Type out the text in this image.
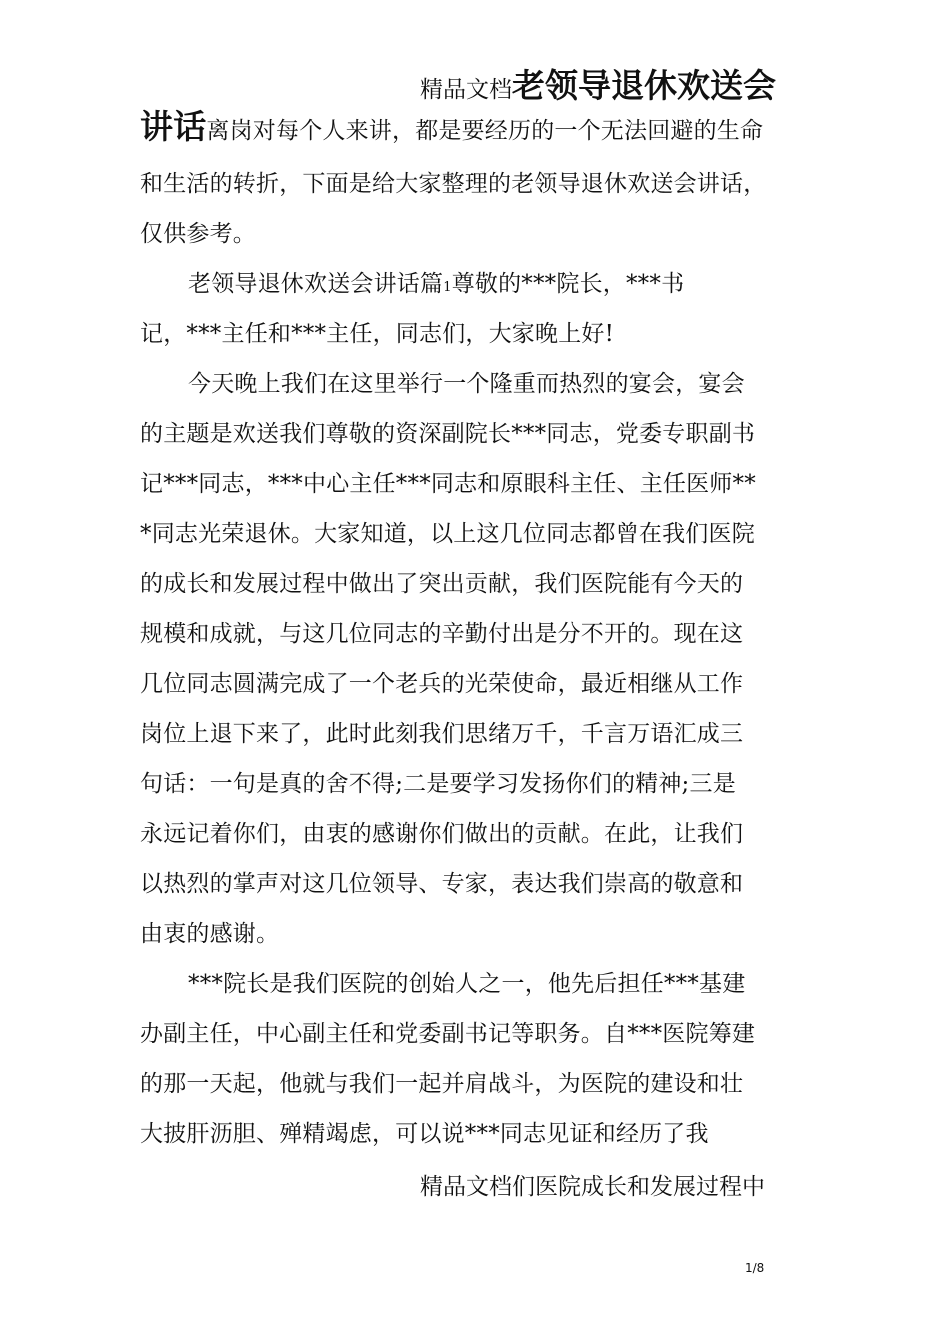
精品文档老领导退休欢送会
讲话离岗对每个人来讲，都是要经历的一个无法回避的生命
和生活的转折，下面是给大家整理的老领导退休欢送会讲话，
仅供参考。
老领导退休欢送会讲话篇1尊敬的***院长，***书
记，***主任和***主任，同志们，大家晚上好!
今天晚上我们在这里举行一个隆重而热烈的宴会，宴会
的主题是欢送我们尊敬的资深副院长***同志，党委专职副书
记***同志，***中心主任***同志和原眼科主任、主任医师**
*同志光荣退休。大家知道，以上这几位同志都曾在我们医院
的成长和发展过程中做出了突出贡献，我们医院能有今天的
规模和成就，与这几位同志的辛勤付出是分不开的。现在这
几位同志圆满完成了一个老兵的光荣使命，最近相继从工作
岗位上退下来了，此时此刻我们思绪万千，千言万语汇成三
句话：一句是真的舍不得;二是要学习发扬你们的精神;三是
永远记着你们，由衷的感谢你们做出的贡献。在此，让我们
以热烈的掌声对这几位领导、专家，表达我们崇高的敬意和
由衷的感谢。
***院长是我们医院的创始人之一，他先后担任***基建
办副主任，中心副主任和党委副书记等职务。自***医院筹建
的那一天起，他就与我们一起并肩战斗，为医院的建设和壮
大披肝沥胆、殚精竭虑，可以说***同志见证和经历了我
精品文档们医院成长和发展过程中
1/8
